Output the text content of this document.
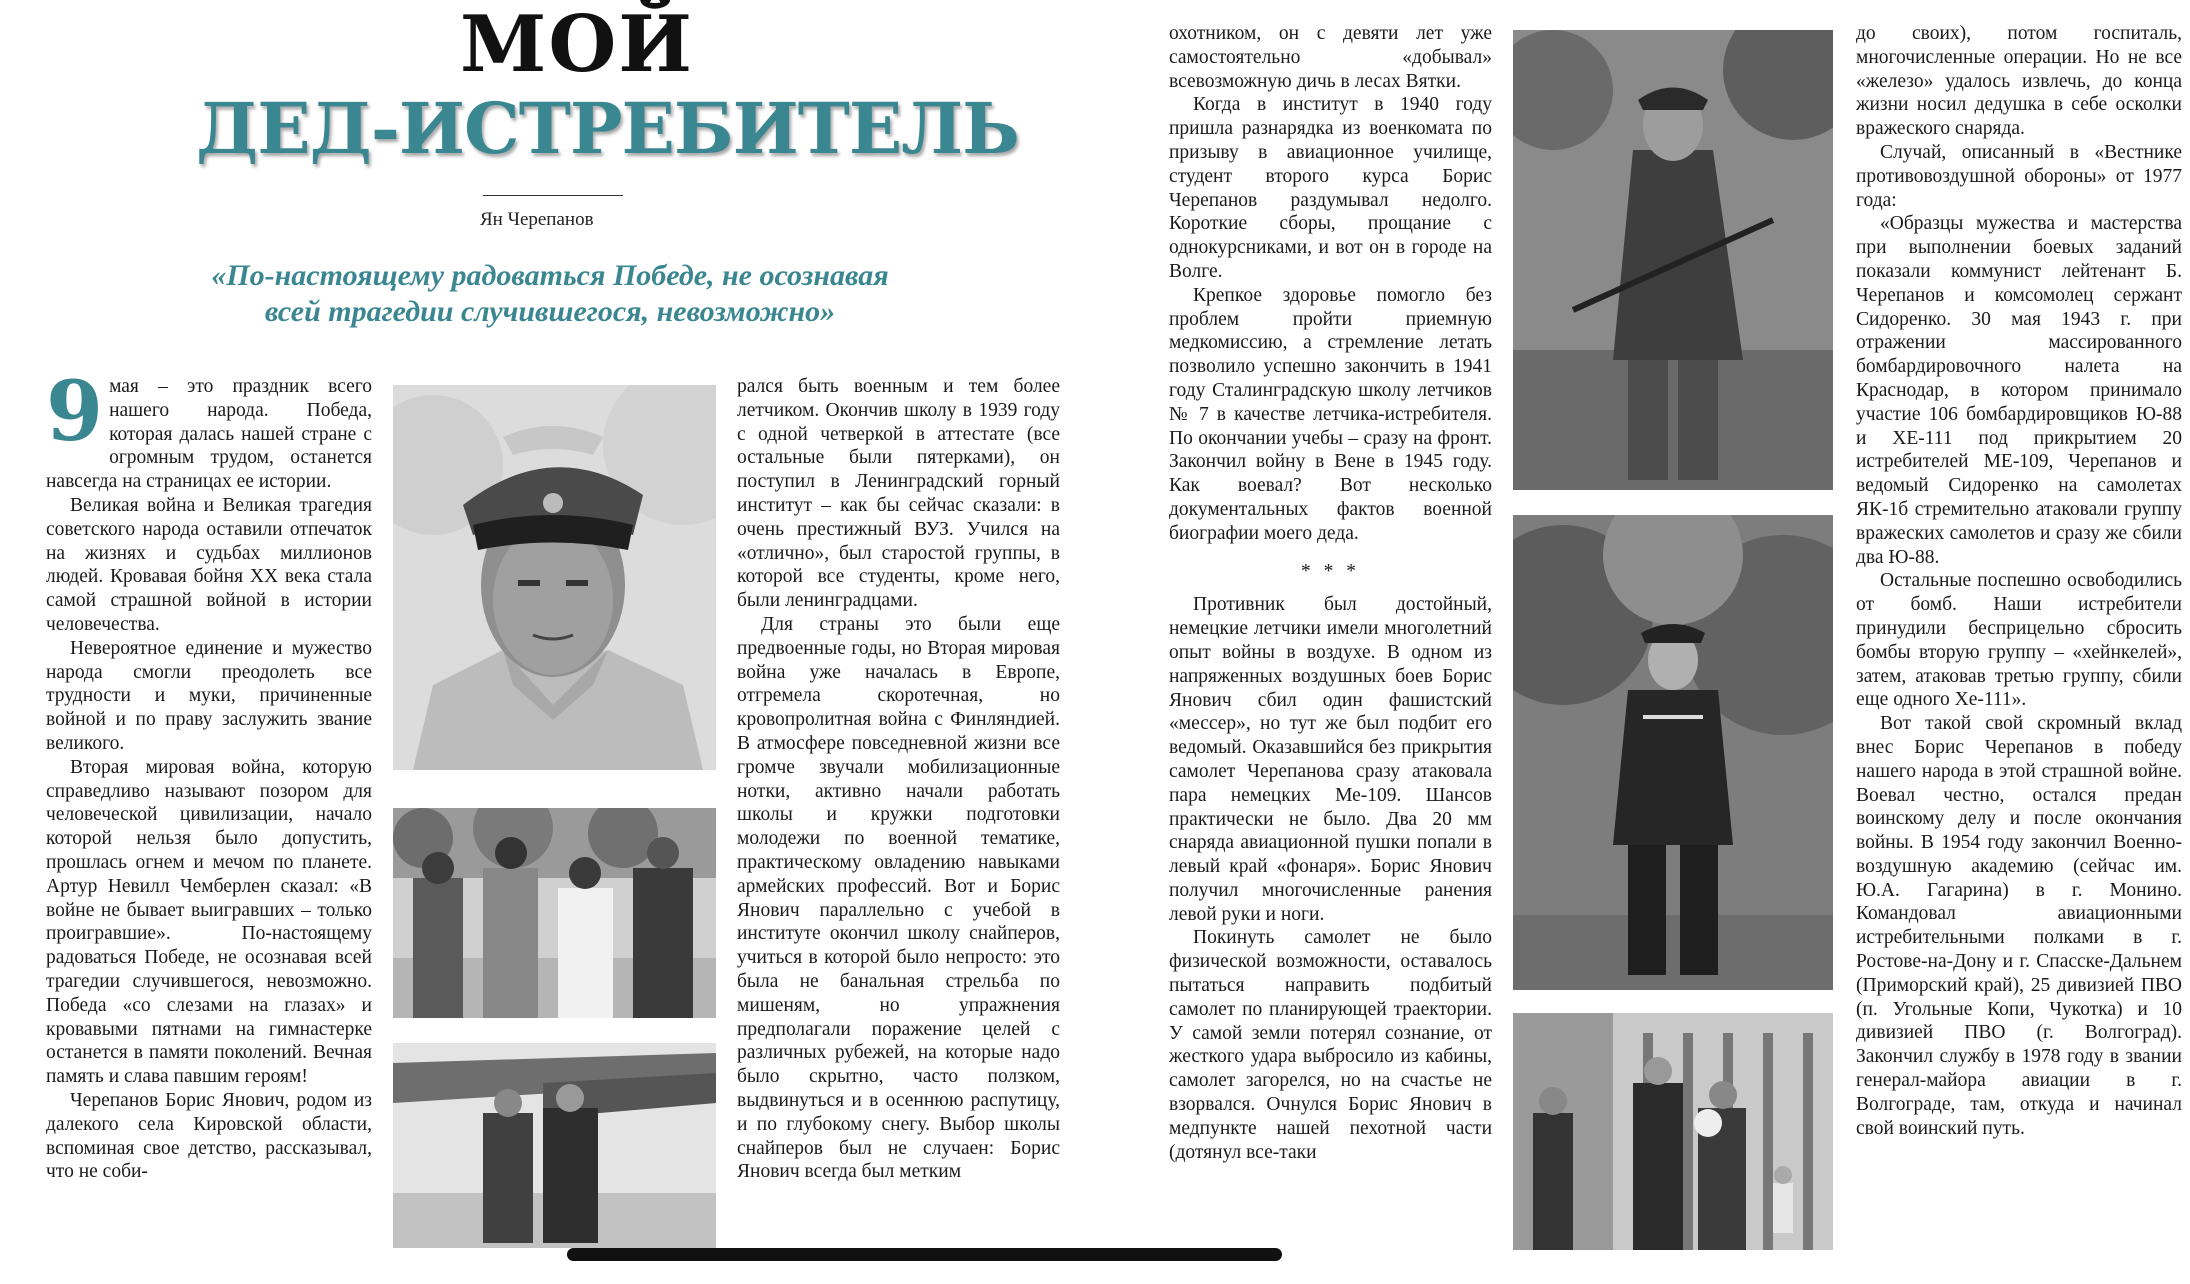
МОЙ
ДЕД-ИСТРЕБИТЕЛЬ
Ян Черепанов
«По-настоящему радоваться Победе, не осознавая
всей трагедии случившегося, невозможно»

9 мая – это праздник всего нашего народа. Победа, которая далась нашей стране с огромным трудом, останется навсегда на страницах ее истории.

Великая война и Великая трагедия советского народа оставили отпечаток на жизнях и судьбах миллионов людей. Кровавая бойня XX века стала самой страшной войной в истории человечества.

Невероятное единение и мужество народа смогли преодолеть все трудности и муки, причиненные войной и по праву заслужить звание великого.

Вторая мировая война, которую справедливо называют позором для человеческой цивилизации, начало которой нельзя было допустить, прошлась огнем и мечом по планете. Артур Невилл Чемберлен сказал: «В войне не бывает выигравших – только проигравшие». По-настоящему радоваться Победе, не осознавая всей трагедии случившегося, невозможно. Победа «со слезами на глазах» и кровавыми пятнами на гимнастерке останется в памяти поколений. Вечная память и слава павшим героям!

Черепанов Борис Янович, родом из далекого села Кировской области, вспоминая свое детство, рассказывал, что не соби-

рался быть военным и тем более летчиком. Окончив школу в 1939 году с одной четверкой в аттестате (все остальные были пятерками), он поступил в Ленинградский горный институт – как бы сейчас сказали: в очень престижный ВУЗ. Учился на «отлично», был старостой группы, в которой все студенты, кроме него, были ленинградцами.

Для страны это были еще предвоенные годы, но Вторая мировая война уже началась в Европе, отгремела скоротечная, но кровопролитная война с Финляндией. В атмосфере повседневной жизни все громче звучали мобилизационные нотки, активно начали работать школы и кружки подготовки молодежи по военной тематике, практическому овладению навыками армейских профессий. Вот и Борис Янович параллельно с учебой в институте окончил школу снайперов, учиться в которой было непросто: это была не банальная стрельба по мишеням, но упражнения предполагали поражение целей с различных рубежей, на которые надо было скрытно, часто ползком, выдвинуться и в осеннюю распутицу, и по глубокому снегу. Выбор школы снайперов был не случаен: Борис Янович всегда был метким

охотником, он с девяти лет уже самостоятельно «добывал» всевозможную дичь в лесах Вятки.

Когда в институт в 1940 году пришла разнарядка из военкомата по призыву в авиационное училище, студент второго курса Борис Черепанов раздумывал недолго. Короткие сборы, прощание с однокурсниками, и вот он в городе на Волге.

Крепкое здоровье помогло без проблем пройти приемную медкомиссию, а стремление летать позволило успешно закончить в 1941 году Сталинградскую школу летчиков № 7 в качестве летчика-истребителя. По окончании учебы – сразу на фронт. Закончил войну в Вене в 1945 году. Как воевал? Вот несколько документальных фактов военной биографии моего деда.

* * *

Противник был достойный, немецкие летчики имели многолетний опыт войны в воздухе. В одном из напряженных воздушных боев Борис Янович сбил один фашистский «мессер», но тут же был подбит его ведомый. Оказавшийся без прикрытия самолет Черепанова сразу атаковала пара немецких Ме-109. Шансов практически не было. Два 20 мм снаряда авиационной пушки попали в левый край «фонаря». Борис Янович получил многочисленные ранения левой руки и ноги.

Покинуть самолет не было физической возможности, оставалось пытаться направить подбитый самолет по планирующей траектории. У самой земли потерял сознание, от жесткого удара выбросило из кабины, самолет загорелся, но на счастье не взорвался. Очнулся Борис Янович в медпункте нашей пехотной части (дотянул все-таки

до своих), потом госпиталь, многочисленные операции. Но не все «железо» удалось извлечь, до конца жизни носил дедушка в себе осколки вражеского снаряда.

Случай, описанный в «Вестнике противовоздушной обороны» от 1977 года:

«Образцы мужества и мастерства при выполнении боевых заданий показали коммунист лейтенант Б. Черепанов и комсомолец сержант Сидоренко. 30 мая 1943 г. при отражении массированного бомбардировочного налета на Краснодар, в котором принимало участие 106 бомбардировщиков Ю-88 и ХЕ-111 под прикрытием 20 истребителей МЕ-109, Черепанов и ведомый Сидоренко на самолетах ЯК-1б стремительно атаковали группу вражеских самолетов и сразу же сбили два Ю-88.

Остальные поспешно освободились от бомб. Наши истребители принудили бесприцельно сбросить бомбы вторую группу – «хейнкелей», затем, атаковав третью группу, сбили еще одного Хе-111».

Вот такой свой скромный вклад внес Борис Черепанов в победу нашего народа в этой страшной войне. Воевал честно, остался предан воинскому делу и после окончания войны. В 1954 году закончил Военно-воздушную академию (сейчас им. Ю.А. Гагарина) в г. Монино. Командовал авиационными истребительными полками в г. Ростове-на-Дону и г. Спасске-Дальнем (Приморский край), 25 дивизией ПВО (п. Угольные Копи, Чукотка) и 10 дивизией ПВО (г. Волгоград). Закончил службу в 1978 году в звании генерал-майора авиации в г. Волгограде, там, откуда и начинал свой воинский путь.
